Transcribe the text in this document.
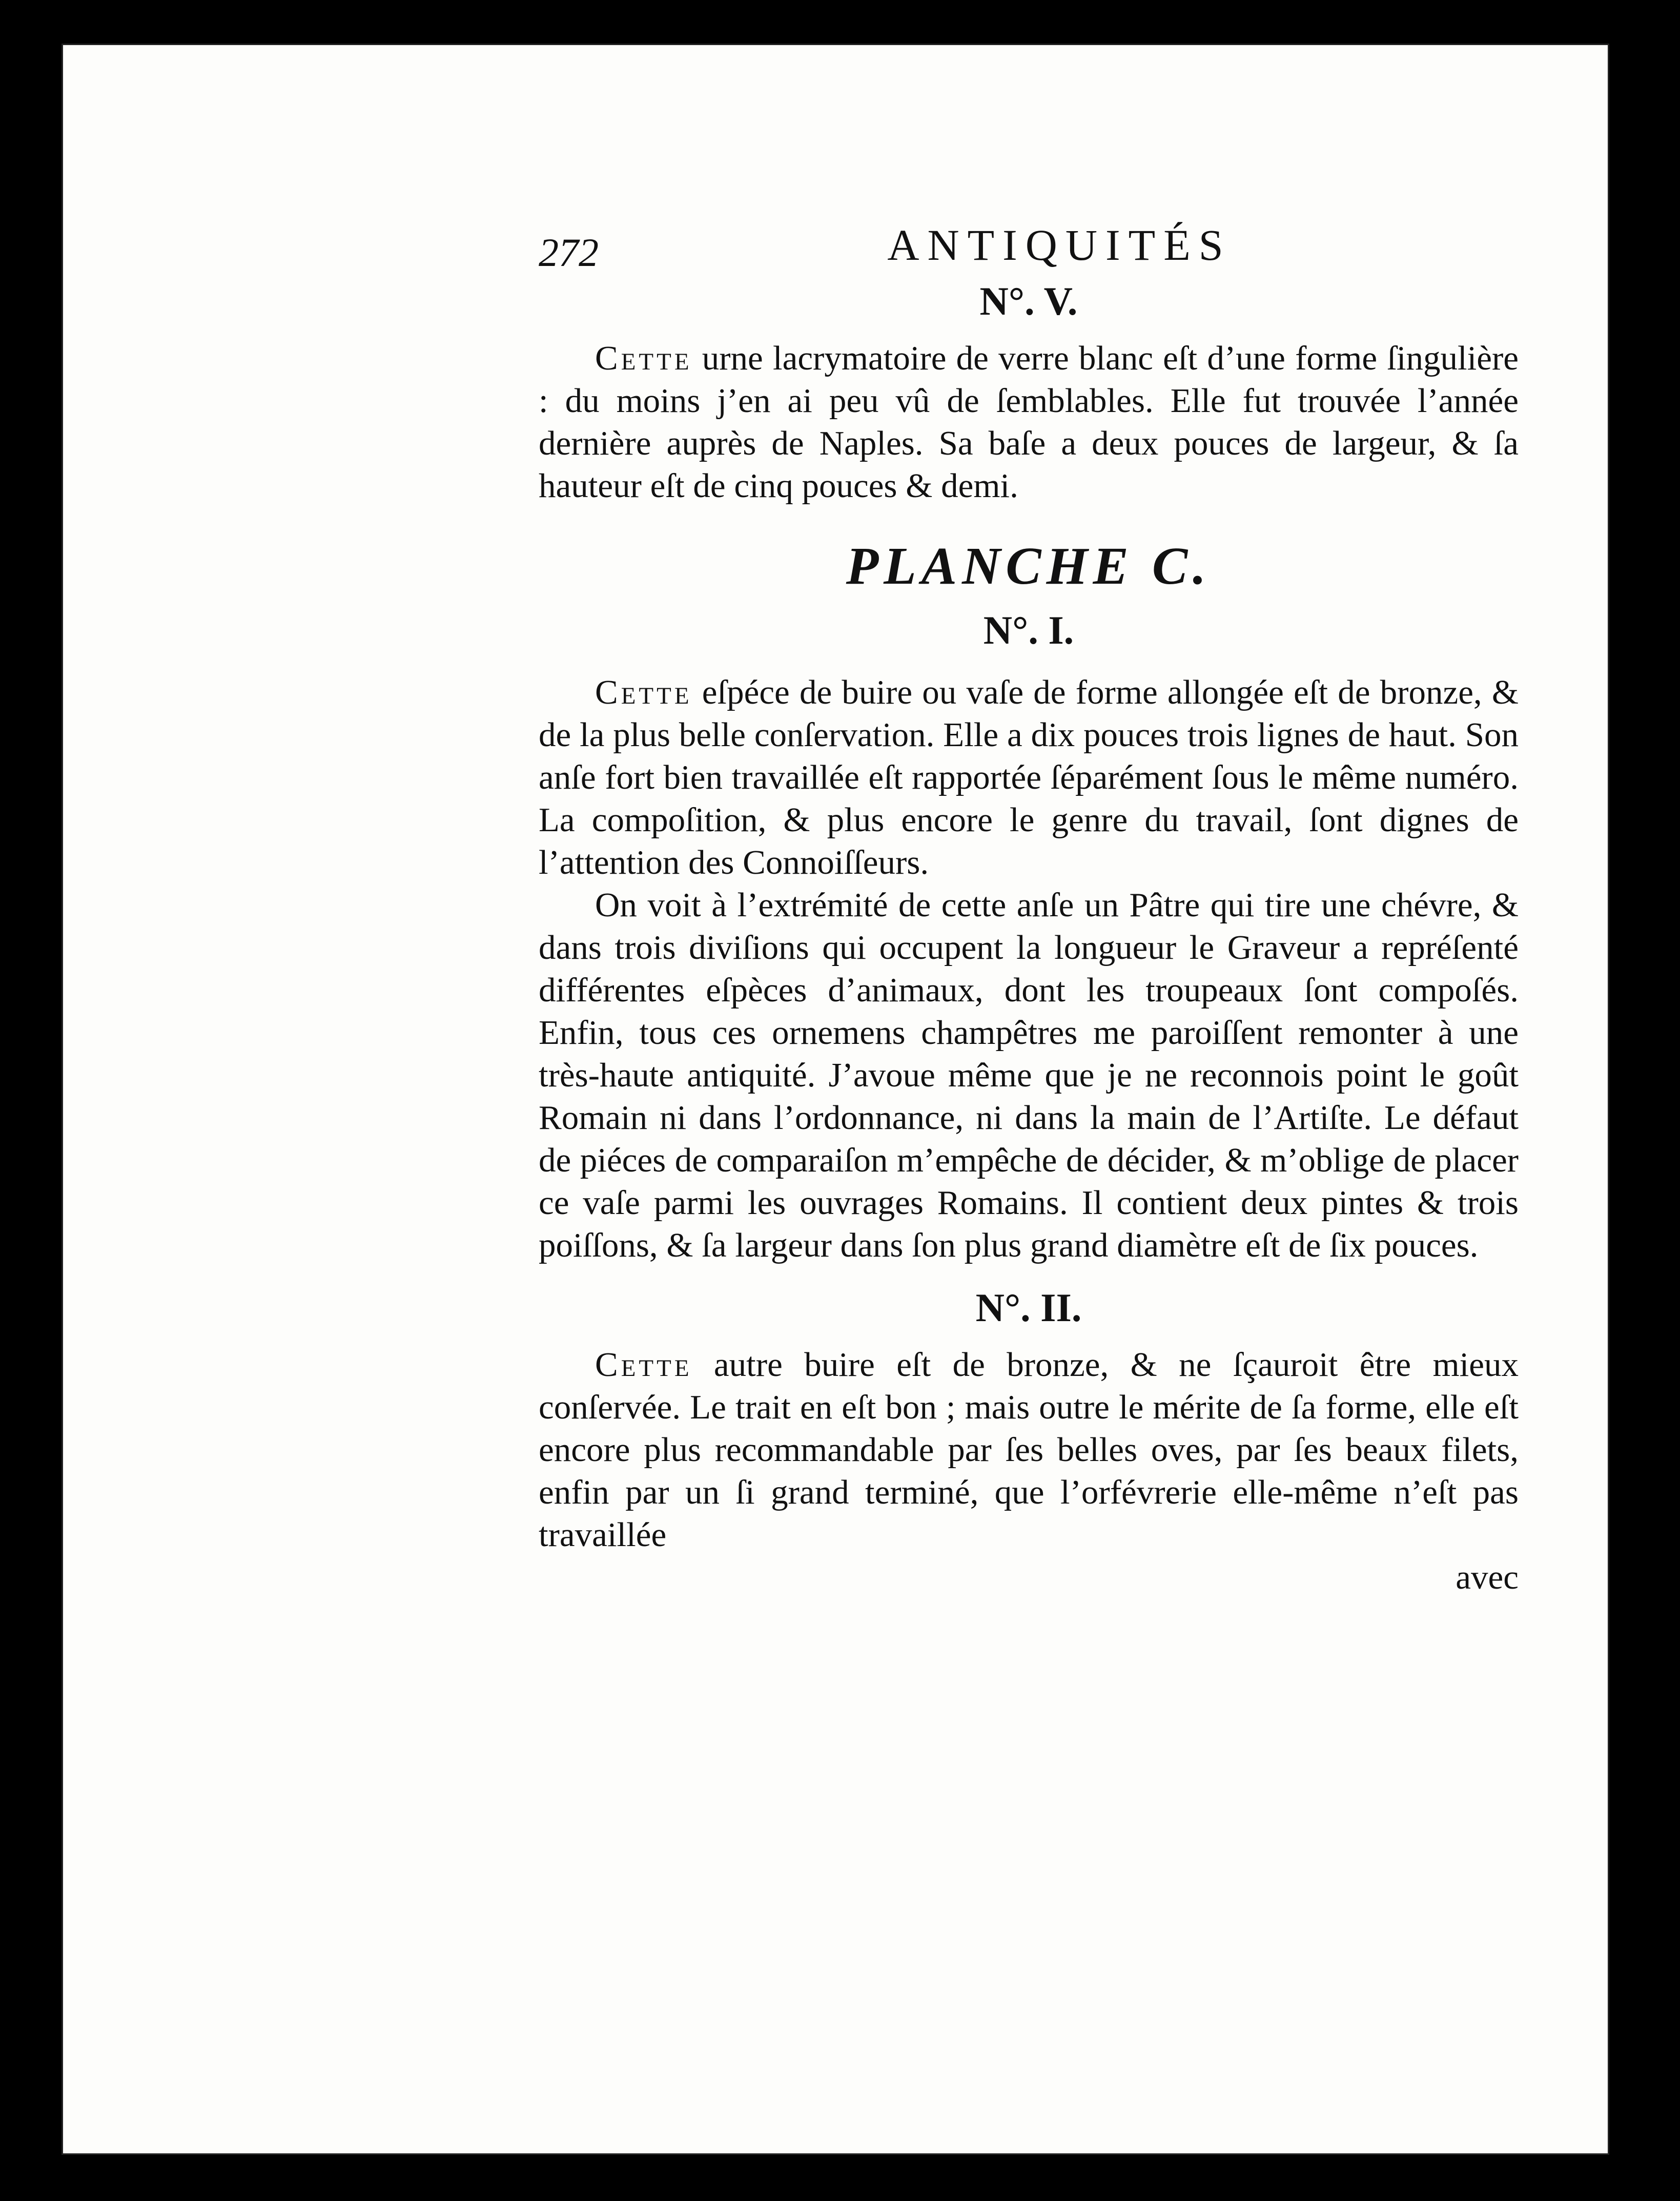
272	ANTIQUITÉS
N°. V.

Cette urne lacrymatoire de verre blanc eſt d’une forme ſingulière : du moins j’en ai peu vû de ſemblables. Elle fut trouvée l’année dernière auprès de Naples. Sa baſe a deux pouces de largeur, & ſa hauteur eſt de cinq pouces & demi.

PLANCHE C.
N°. I.

Cette eſpéce de buire ou vaſe de forme allongée eſt de bronze, & de la plus belle conſervation. Elle a dix pouces trois lignes de haut. Son anſe fort bien travaillée eſt rapportée ſéparément ſous le même numéro. La compoſition, & plus encore le genre du travail, ſont dignes de l’attention des Connoiſſeurs.

On voit à l’extrémité de cette anſe un Pâtre qui tire une chévre, & dans trois diviſions qui occupent la longueur le Graveur a repréſenté différentes eſpèces d’animaux, dont les troupeaux ſont compoſés. Enfin, tous ces ornemens champêtres me paroiſſent remonter à une très-haute antiquité. J’avoue même que je ne reconnois point le goût Romain ni dans l’ordonnance, ni dans la main de l’Artiſte. Le défaut de piéces de comparaiſon m’empêche de décider, & m’oblige de placer ce vaſe parmi les ouvrages Romains. Il contient deux pintes & trois poiſſons, & ſa largeur dans ſon plus grand diamètre eſt de ſix pouces.

N°. II.

Cette autre buire eſt de bronze, & ne ſçauroit être mieux conſervée. Le trait en eſt bon ; mais outre le mérite de ſa forme, elle eſt encore plus recommandable par ſes belles oves, par ſes beaux filets, enfin par un ſi grand terminé, que l’orfévrerie elle-même n’eſt pas travaillée

avec
